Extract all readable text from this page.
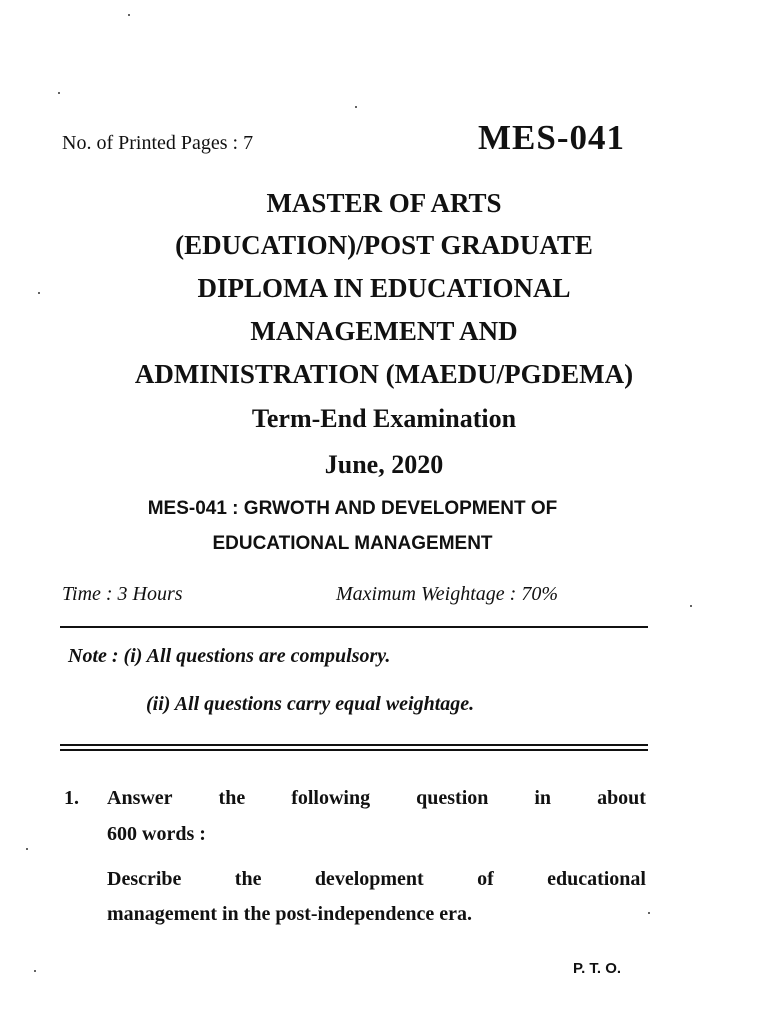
No. of Printed Pages : 7	MES-041
MASTER OF ARTS
(EDUCATION)/POST GRADUATE
DIPLOMA IN EDUCATIONAL
MANAGEMENT AND
ADMINISTRATION (MAEDU/PGDEMA)
Term-End Examination
June, 2020
MES-041 : GRWOTH AND DEVELOPMENT OF
EDUCATIONAL MANAGEMENT
Time : 3 Hours	Maximum Weightage : 70%
Note : (i) All questions are compulsory.
(ii) All questions carry equal weightage.
1. Answer the following question in about
600 words :
Describe	the	development	of	educational
management in the post-independence era.
P. T. O.
